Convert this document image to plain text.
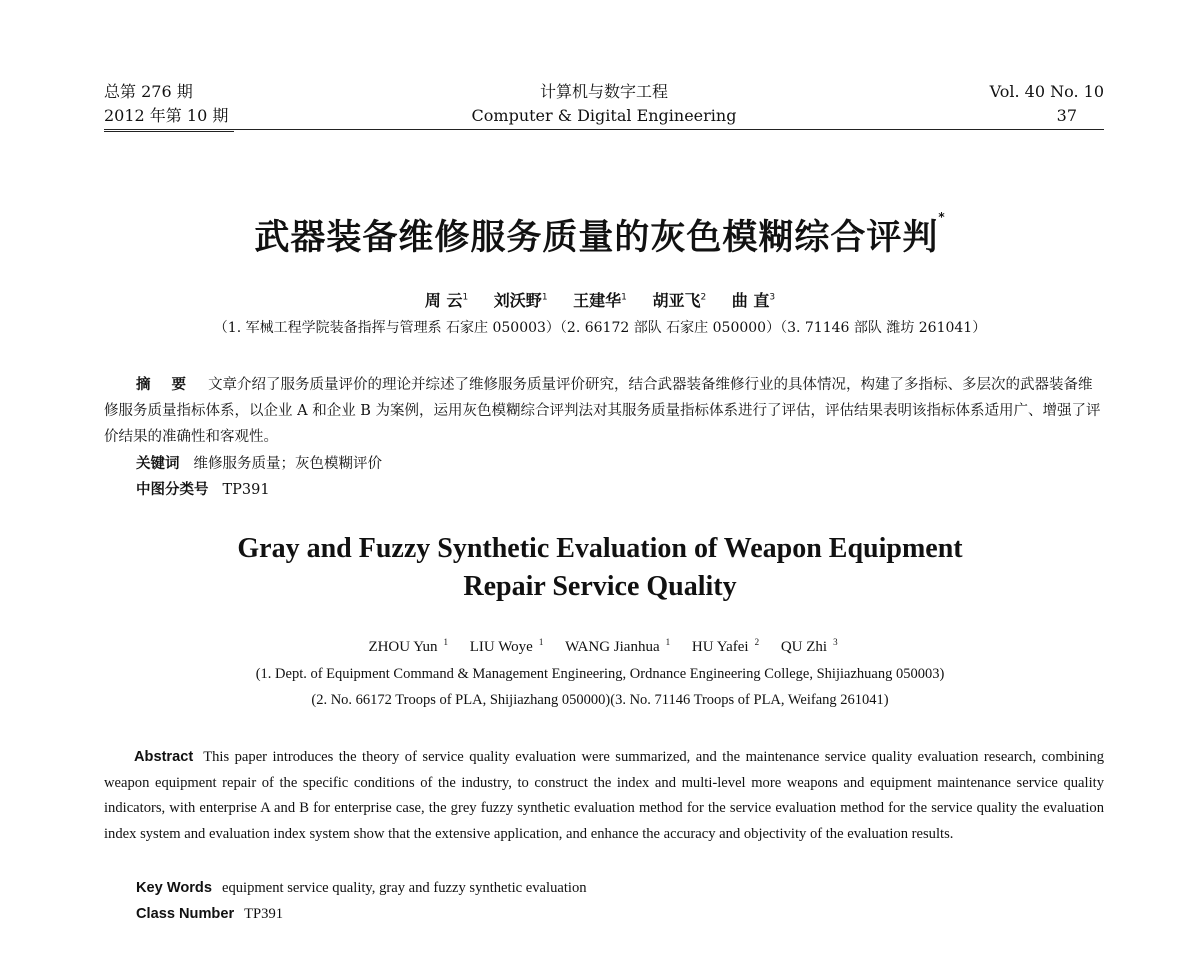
总第 276 期
2012 年第 10 期
计算机与数字工程
Computer & Digital Engineering
Vol. 40 No. 10
37
武器装备维修服务质量的灰色模糊综合评判*
周 云$^1$ 刘沃野$^1$ 王建华$^1$ 胡亚飞$^2$ 曲 直$^3$
（1. 军械工程学院装备指挥与管理系 石家庄 050003）（2. 66172 部队 石家庄 050000）（3. 71146 部队 潍坊 261041）
摘 要 文章介绍了服务质量评价的理论并综述了维修服务质量评价研究，结合武器装备维修行业的具体情况，构建了多指标、多层次的武器装备维修服务质量指标体系，以企业 A 和企业 B 为案例，运用灰色模糊综合评判法对其服务质量指标体系进行了评估，评估结果表明该指标体系适用广、增强了评价结果的准确性和客观性。
关键词 维修服务质量；灰色模糊评价
中图分类号 TP391
Gray and Fuzzy Synthetic Evaluation of Weapon Equipment
Repair Service Quality
ZHOU Yun $^1$ LIU Woye $^1$ WANG Jianhua $^1$ HU Yafei $^2$ QU Zhi $^3$
(1. Dept. of Equipment Command & Management Engineering, Ordnance Engineering College, Shijiazhuang 050003)
(2. No. 66172 Troops of PLA, Shijiazhang 050000)(3. No. 71146 Troops of PLA, Weifang 261041)
Abstract This paper introduces the theory of service quality evaluation were summarized, and the maintenance service quality evaluation research, combining weapon equipment repair of the specific conditions of the industry, to construct the index and multi-level more weapons and equipment maintenance service quality indicators, with enterprise A and B for enterprise case, the grey fuzzy synthetic evaluation method for the service evaluation method for the service quality the evaluation index system and evaluation index system show that the extensive application, and enhance the accuracy and objectivity of the evaluation results.
Key Words equipment service quality, gray and fuzzy synthetic evaluation
Class Number TP391
